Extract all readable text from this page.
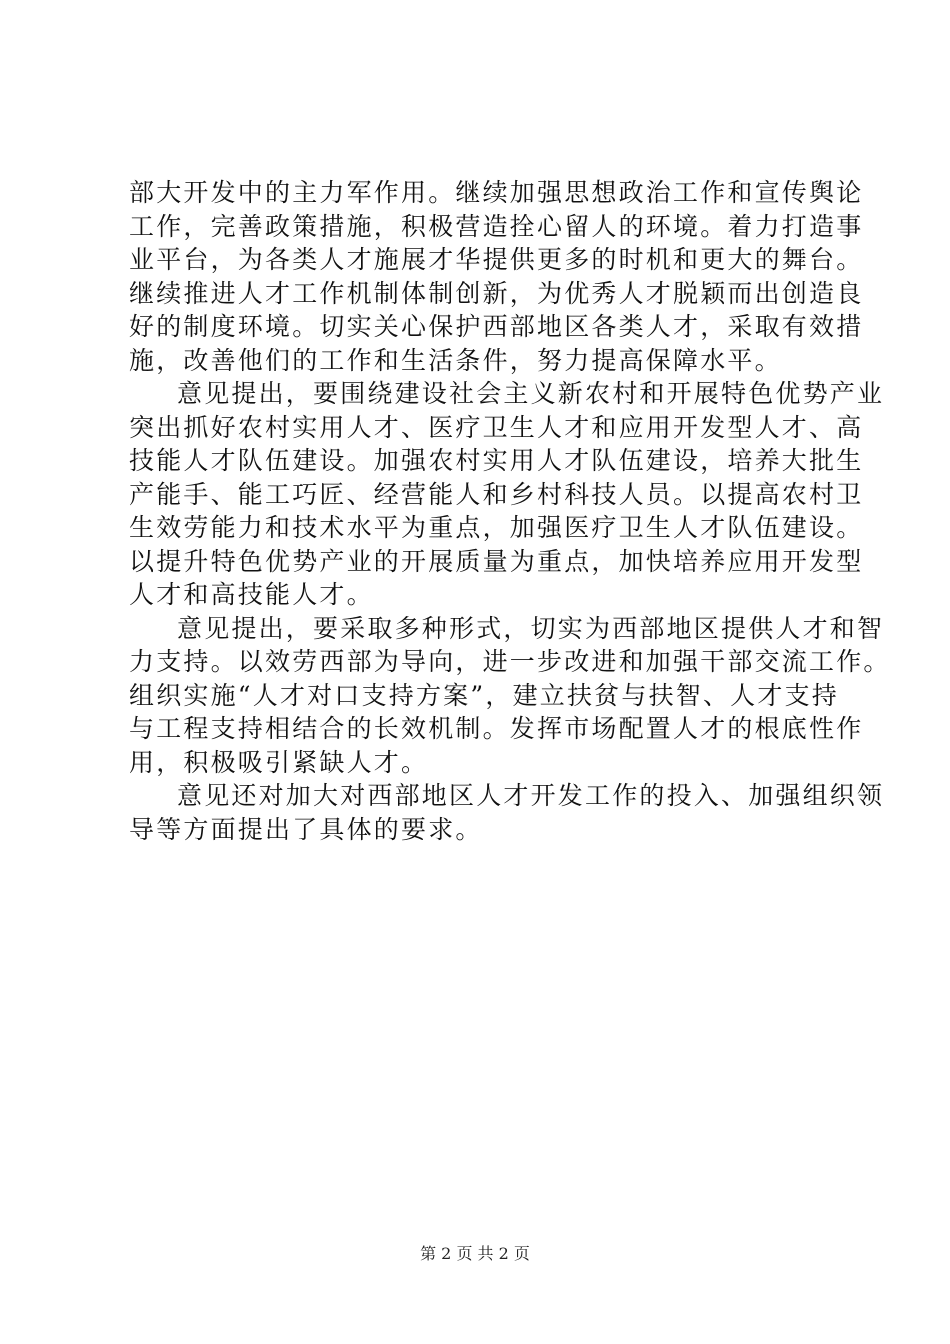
部大开发中的主力军作用。继续加强思想政治工作和宣传舆论
工作，完善政策措施，积极营造拴心留人的环境。着力打造事
业平台，为各类人才施展才华提供更多的时机和更大的舞台。
继续推进人才工作机制体制创新，为优秀人才脱颖而出创造良
好的制度环境。切实关心保护西部地区各类人才，采取有效措
施，改善他们的工作和生活条件，努力提高保障水平。
意见提出，要围绕建设社会主义新农村和开展特色优势产业
突出抓好农村实用人才、医疗卫生人才和应用开发型人才、高
技能人才队伍建设。加强农村实用人才队伍建设，培养大批生
产能手、能工巧匠、经营能人和乡村科技人员。以提高农村卫
生效劳能力和技术水平为重点，加强医疗卫生人才队伍建设。
以提升特色优势产业的开展质量为重点，加快培养应用开发型
人才和高技能人才。
意见提出，要采取多种形式，切实为西部地区提供人才和智
力支持。以效劳西部为导向，进一步改进和加强干部交流工作。
组织实施“人才对口支持方案”，建立扶贫与扶智、人才支持
与工程支持相结合的长效机制。发挥市场配置人才的根底性作
用，积极吸引紧缺人才。
意见还对加大对西部地区人才开发工作的投入、加强组织领
导等方面提出了具体的要求。
第 2 页 共 2 页
